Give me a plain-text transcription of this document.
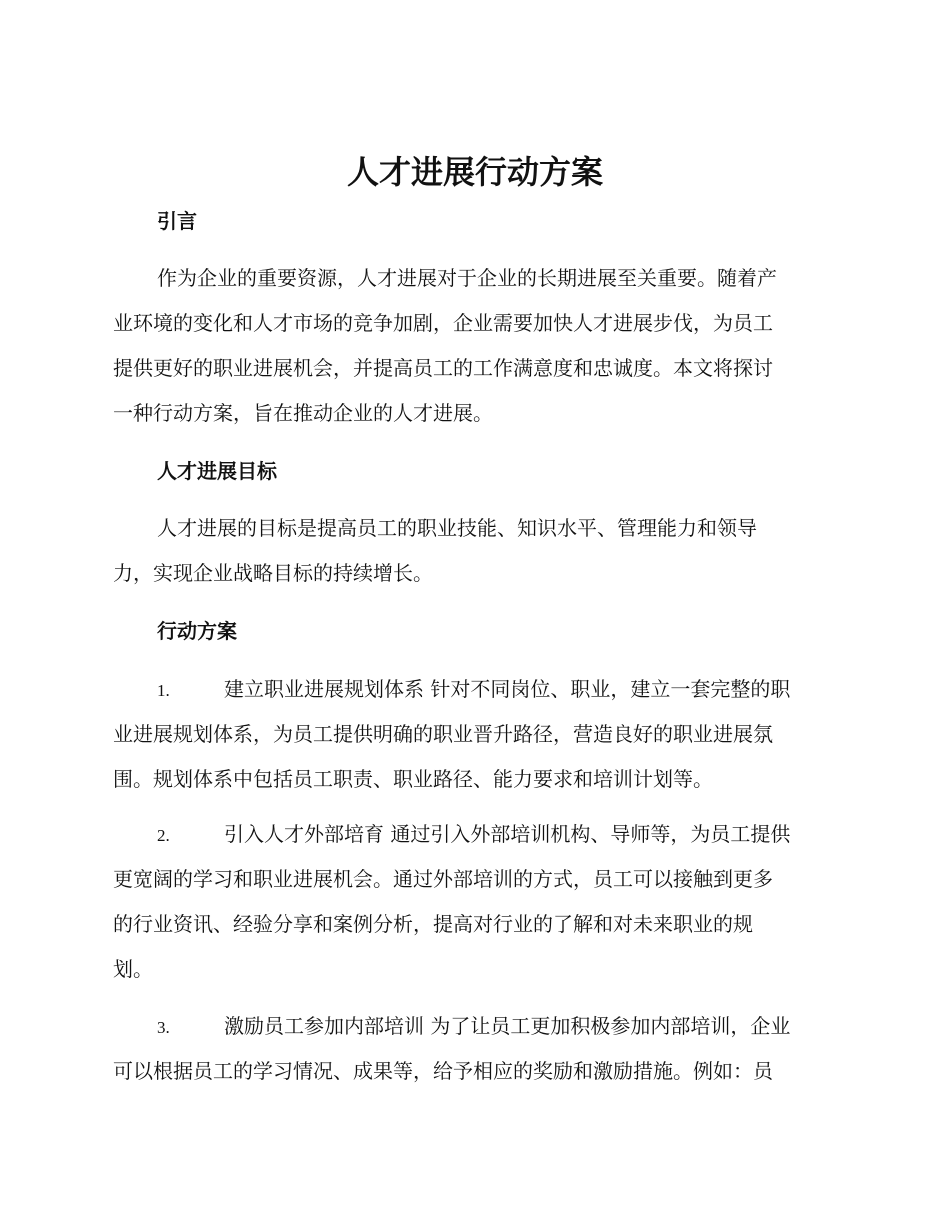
人才进展行动方案
引言
作为企业的重要资源，人才进展对于企业的长期进展至关重要。随着产
业环境的变化和人才市场的竞争加剧，企业需要加快人才进展步伐，为员工
提供更好的职业进展机会，并提高员工的工作满意度和忠诚度。本文将探讨
一种行动方案，旨在推动企业的人才进展。
人才进展目标
人才进展的目标是提高员工的职业技能、知识水平、管理能力和领导
力，实现企业战略目标的持续增长。
行动方案
1.	建立职业进展规划体系 针对不同岗位、职业，建立一套完整的职
业进展规划体系，为员工提供明确的职业晋升路径，营造良好的职业进展氛
围。规划体系中包括员工职责、职业路径、能力要求和培训计划等。
2.	引入人才外部培育 通过引入外部培训机构、导师等，为员工提供
更宽阔的学习和职业进展机会。通过外部培训的方式，员工可以接触到更多
的行业资讯、经验分享和案例分析，提高对行业的了解和对未来职业的规
划。
3.	激励员工参加内部培训 为了让员工更加积极参加内部培训，企业
可以根据员工的学习情况、成果等，给予相应的奖励和激励措施。例如：员
